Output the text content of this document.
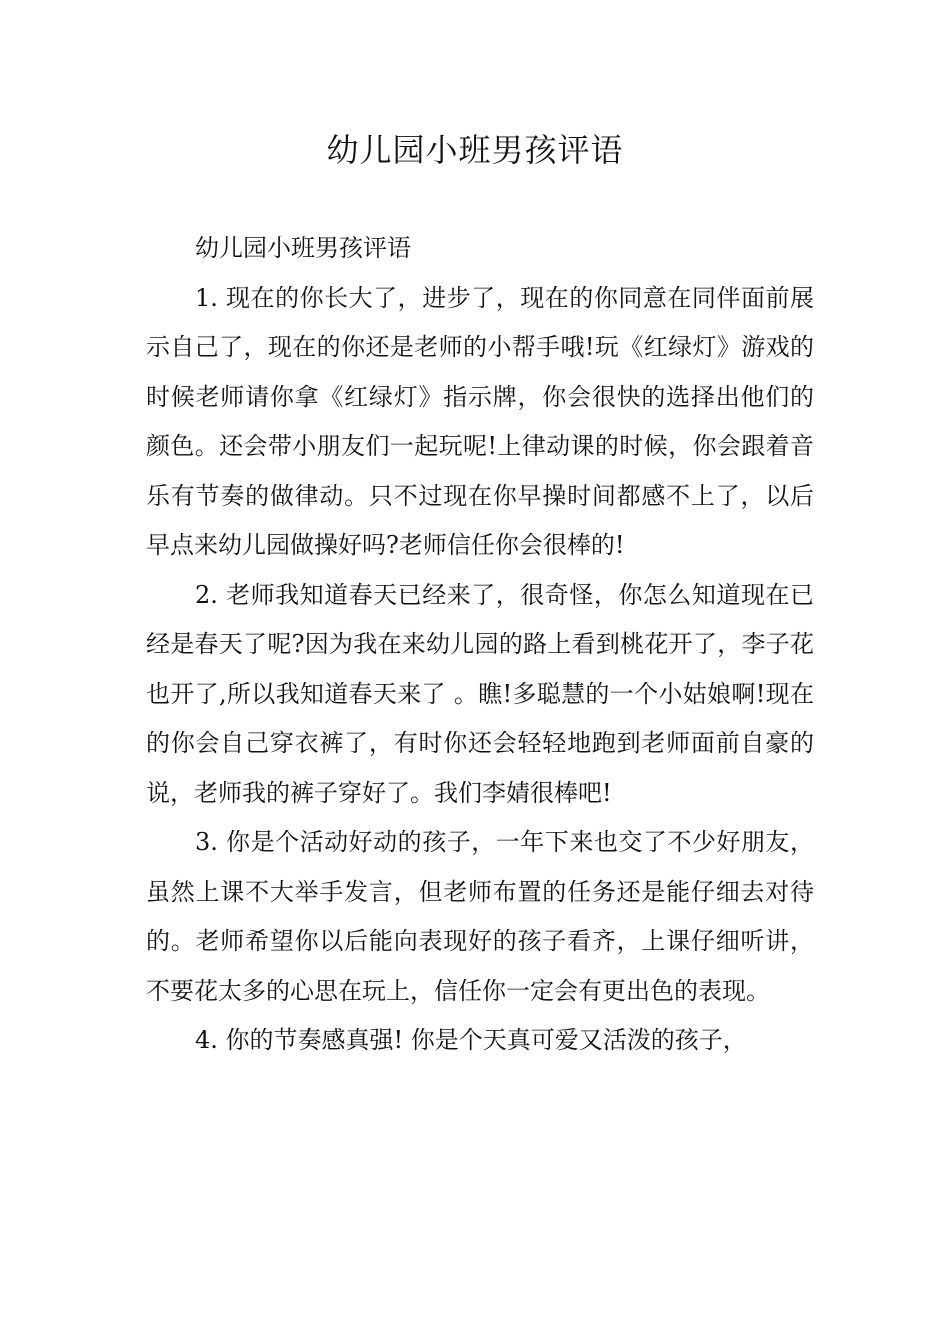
幼儿园小班男孩评语

幼儿园小班男孩评语

1. 现在的你长大了，进步了，现在的你同意在同伴面前展示自己了，现在的你还是老师的小帮手哦!玩《红绿灯》游戏的时候老师请你拿《红绿灯》指示牌，你会很快的选择出他们的颜色。还会带小朋友们一起玩呢!上律动课的时候，你会跟着音乐有节奏的做律动。只不过现在你早操时间都感不上了，以后早点来幼儿园做操好吗?老师信任你会很棒的!

2. 老师我知道春天已经来了，很奇怪，你怎么知道现在已经是春天了呢?因为我在来幼儿园的路上看到桃花开了，李子花也开了,所以我知道春天来了 。瞧!多聪慧的一个小姑娘啊!现在的你会自己穿衣裤了，有时你还会轻轻地跑到老师面前自豪的说，老师我的裤子穿好了。我们李婧很棒吧!

3. 你是个活动好动的孩子，一年下来也交了不少好朋友，虽然上课不大举手发言，但老师布置的任务还是能仔细去对待的。老师希望你以后能向表现好的孩子看齐，上课仔细听讲，不要花太多的心思在玩上，信任你一定会有更出色的表现。

4. 你的节奏感真强! 你是个天真可爱又活泼的孩子，
